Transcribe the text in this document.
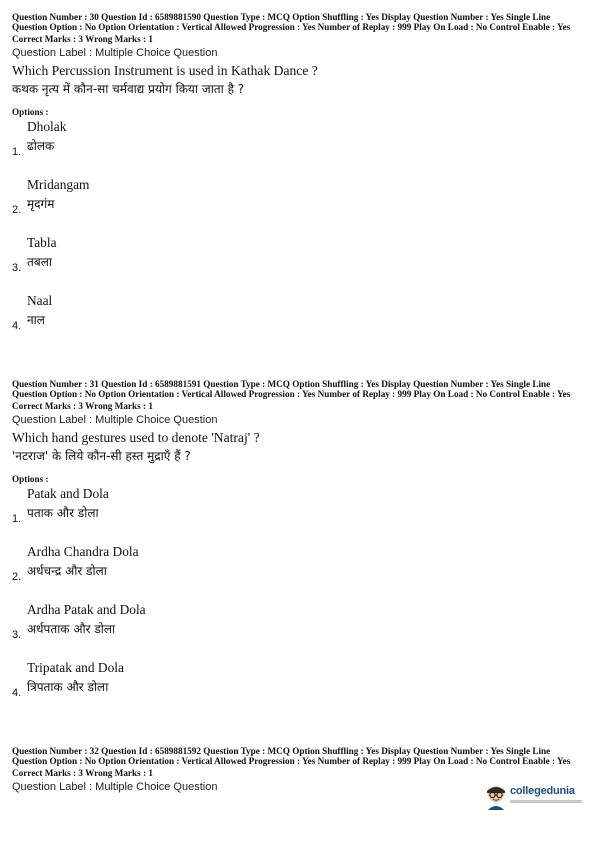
Question Number : 30 Question Id : 6589881590 Question Type : MCQ Option Shuffling : Yes Display Question Number : Yes Single Line Question Option : No Option Orientation : Vertical Allowed Progression : Yes Number of Replay : 999 Play On Load : No Control Enable : Yes
Correct Marks : 3 Wrong Marks : 1
Question Label : Multiple Choice Question
Which Percussion Instrument is used in Kathak Dance ?
कथक नृत्य में कौन-सा चर्मवाद्य प्रयोग किया जाता है ?
Options :
Dholak
ढोलक
1.
Mridangam
मृदगंम
2.
Tabla
तबला
3.
Naal
नाल
4.
Question Number : 31 Question Id : 6589881591 Question Type : MCQ Option Shuffling : Yes Display Question Number : Yes Single Line Question Option : No Option Orientation : Vertical Allowed Progression : Yes Number of Replay : 999 Play On Load : No Control Enable : Yes
Correct Marks : 3 Wrong Marks : 1
Question Label : Multiple Choice Question
Which hand gestures used to denote 'Natraj' ?
'नटराज' के लिये कौन-सी हस्त मुद्राएँ हैं ?
Options :
Patak and Dola
पताक और डोला
1.
Ardha Chandra Dola
अर्धचन्द्र और डोला
2.
Ardha Patak and Dola
अर्धपताक और डोला
3.
Tripatak and Dola
त्रिपताक और डोला
4.
Question Number : 32 Question Id : 6589881592 Question Type : MCQ Option Shuffling : Yes Display Question Number : Yes Single Line Question Option : No Option Orientation : Vertical Allowed Progression : Yes Number of Replay : 999 Play On Load : No Control Enable : Yes
Correct Marks : 3 Wrong Marks : 1
Question Label : Multiple Choice Question	collegedunia
